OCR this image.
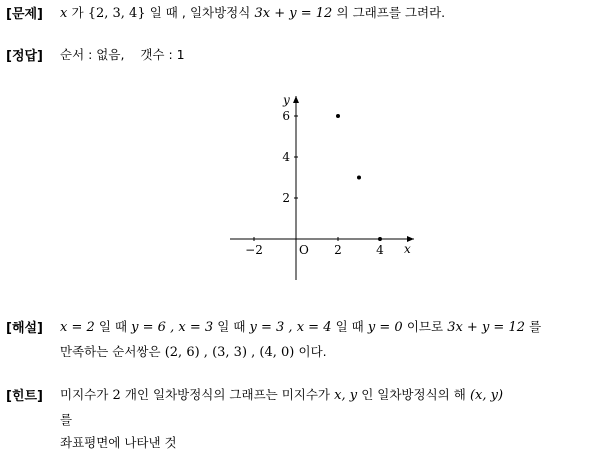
[문제] x 가 {2, 3, 4} 일 때 , 일차방정식 3x + y = 12 의 그래프를 그려라.
[정답] 순서 : 없음, 갯수 : 1
y
x
O
−2	2	4
6
4
2
[해설] x = 2 일 때 y = 6 , x = 3 일 때 y = 3 , x = 4 일 때 y = 0 이므로 3x + y = 12 를
만족하는 순서쌍은 (2, 6) , (3, 3) , (4, 0) 이다.
[힌트] 미지수가 2 개인 일차방정식의 그래프는 미지수가 x, y 인 일차방정식의 해 (x, y)
를
좌표평면에 나타낸 것
